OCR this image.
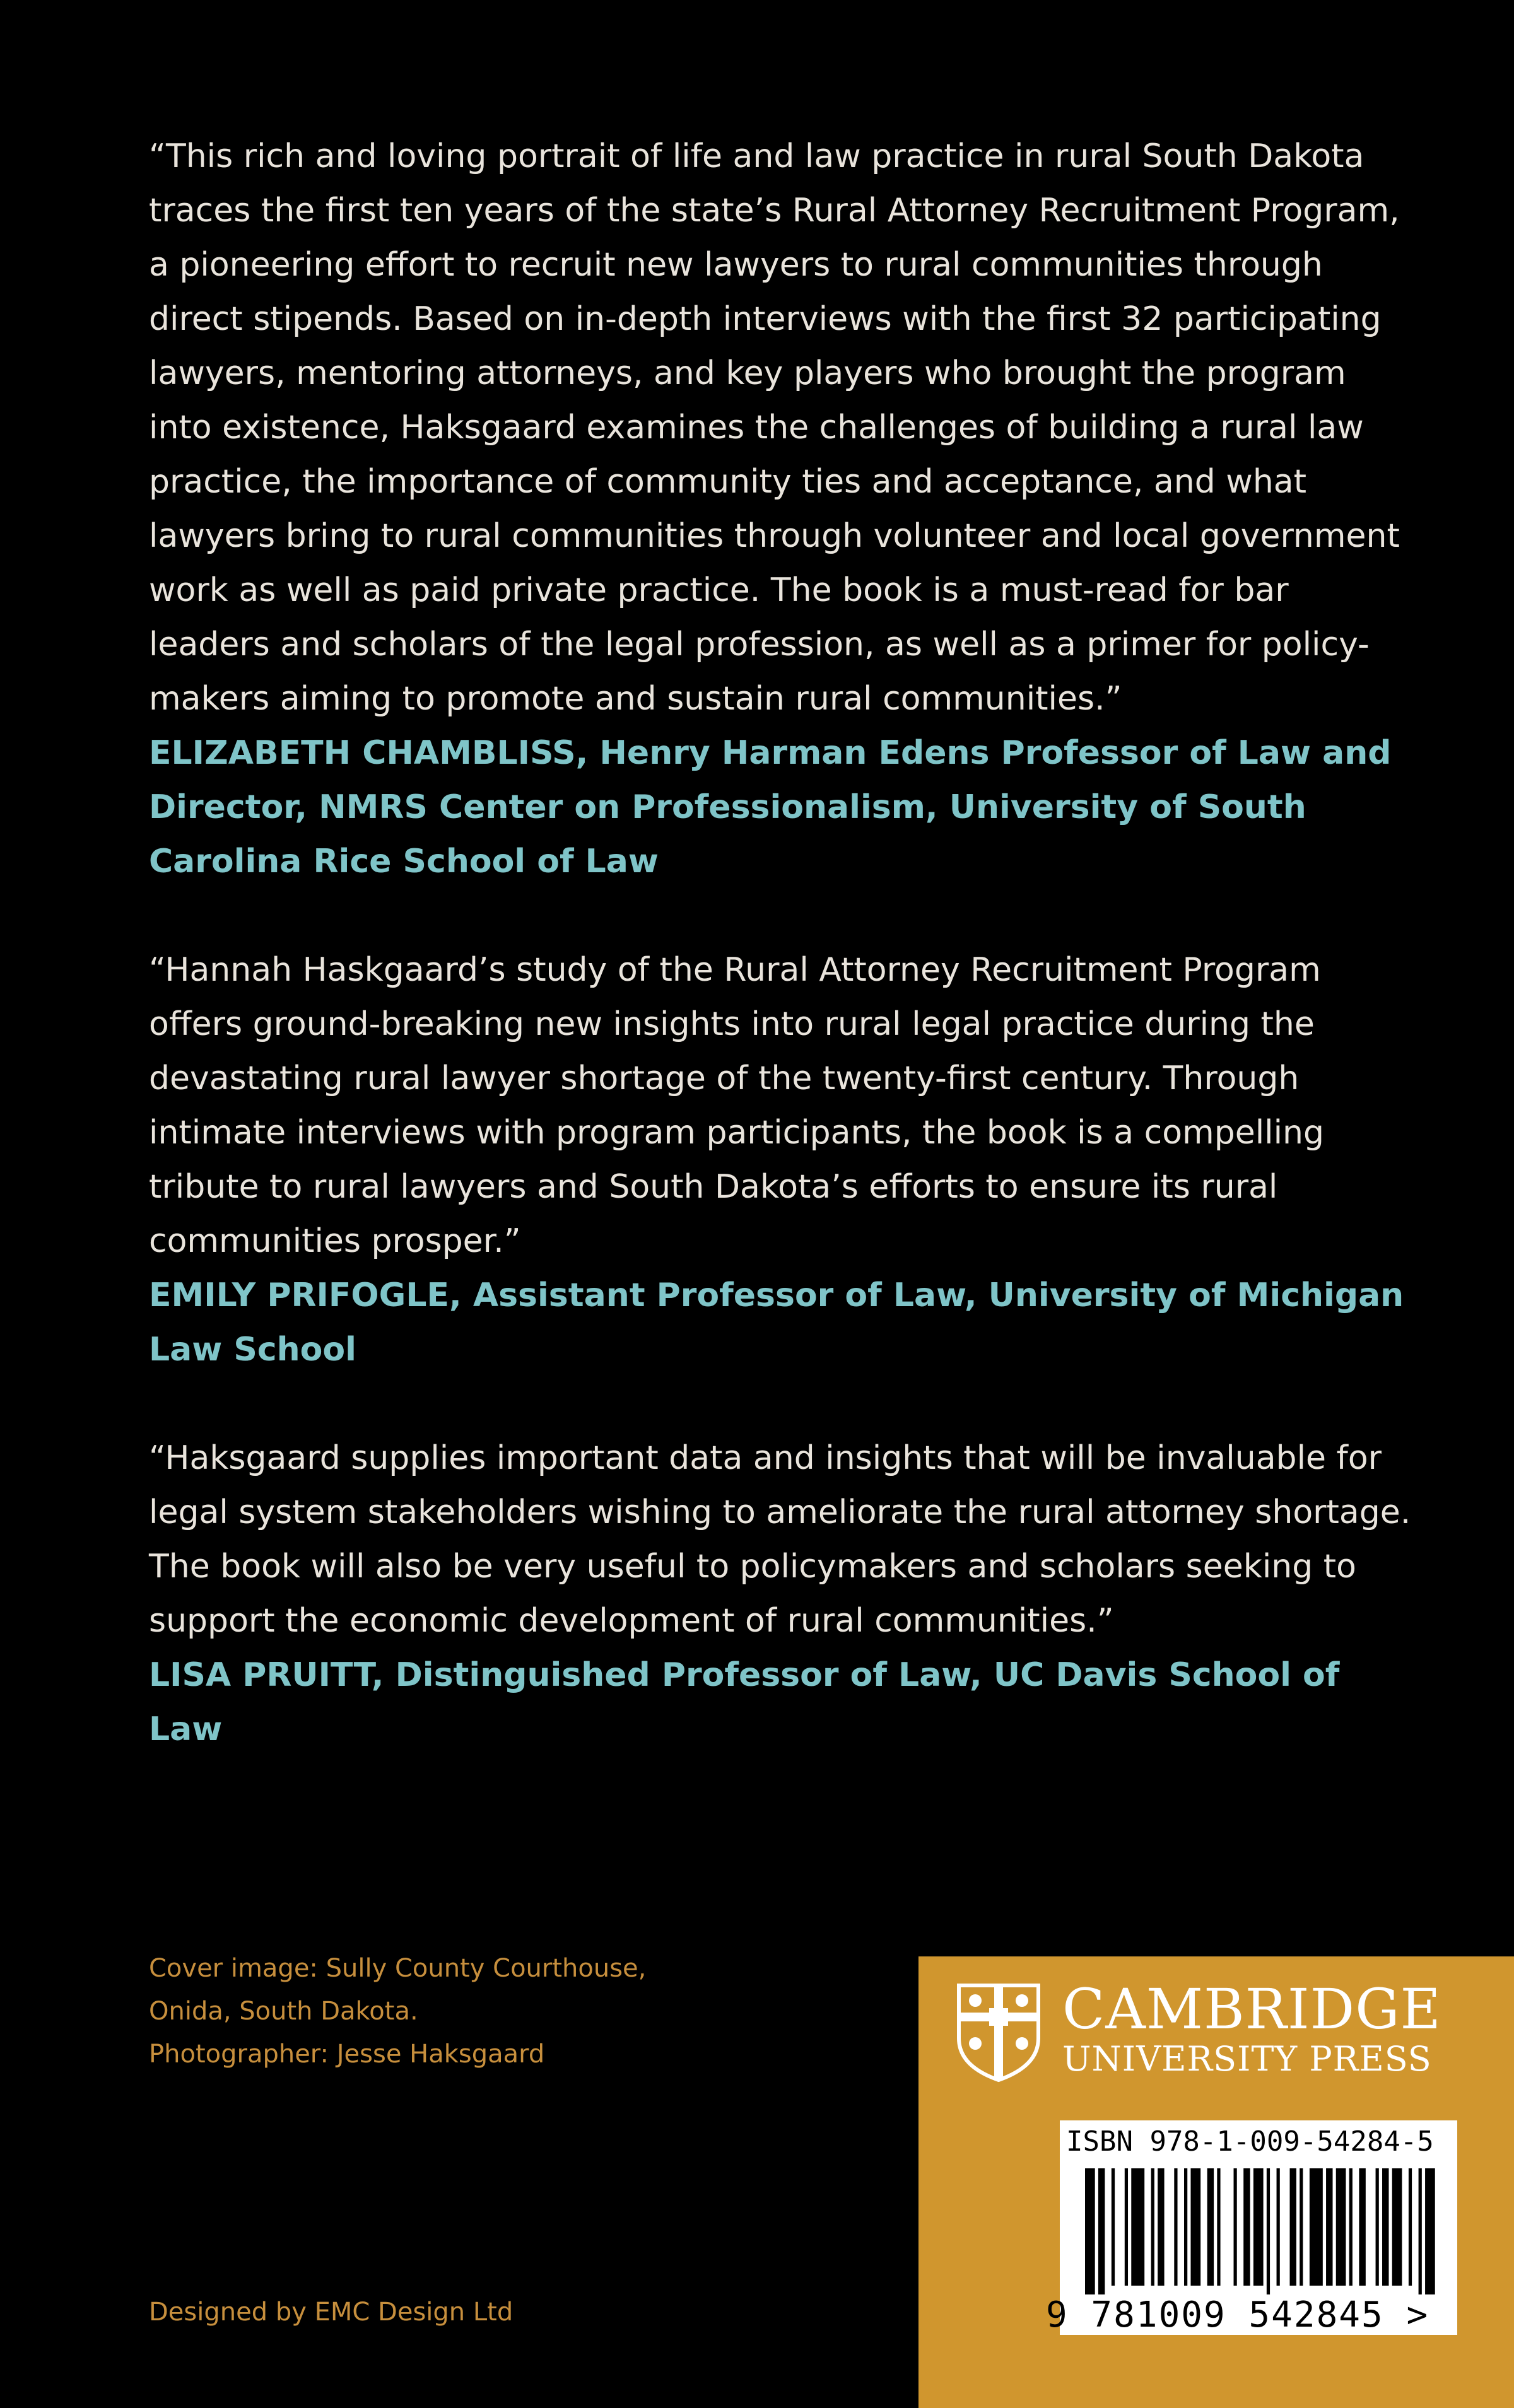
“This rich and loving portrait of life and law practice in rural South Dakota traces the first ten years of the state’s Rural Attorney Recruitment Program, a pioneering effort to recruit new lawyers to rural communities through direct stipends. Based on in-depth interviews with the first 32 participating lawyers, mentoring attorneys, and key players who brought the program into existence, Haksgaard examines the challenges of building a rural law practice, the importance of community ties and acceptance, and what lawyers bring to rural communities through volunteer and local government work as well as paid private practice. The book is a must-read for bar leaders and scholars of the legal profession, as well as a primer for policy-makers aiming to promote and sustain rural communities.”

ELIZABETH CHAMBLISS, Henry Harman Edens Professor of Law and Director, NMRS Center on Professionalism, University of South Carolina Rice School of Law

“Hannah Haskgaard’s study of the Rural Attorney Recruitment Program offers ground-breaking new insights into rural legal practice during the devastating rural lawyer shortage of the twenty-first century. Through intimate interviews with program participants, the book is a compelling tribute to rural lawyers and South Dakota’s efforts to ensure its rural communities prosper.”

EMILY PRIFOGLE, Assistant Professor of Law, University of Michigan Law School

“Haksgaard supplies important data and insights that will be invaluable for legal system stakeholders wishing to ameliorate the rural attorney shortage. The book will also be very useful to policymakers and scholars seeking to support the economic development of rural communities.”

LISA PRUITT, Distinguished Professor of Law, UC Davis School of Law

Cover image: Sully County Courthouse,
Onida, South Dakota.
Photographer: Jesse Haksgaard
Designed by EMC Design Ltd
CAMBRIDGE
UNIVERSITY PRESS
ISBN 978-1-009-54284-5
9 781009 542845 >
